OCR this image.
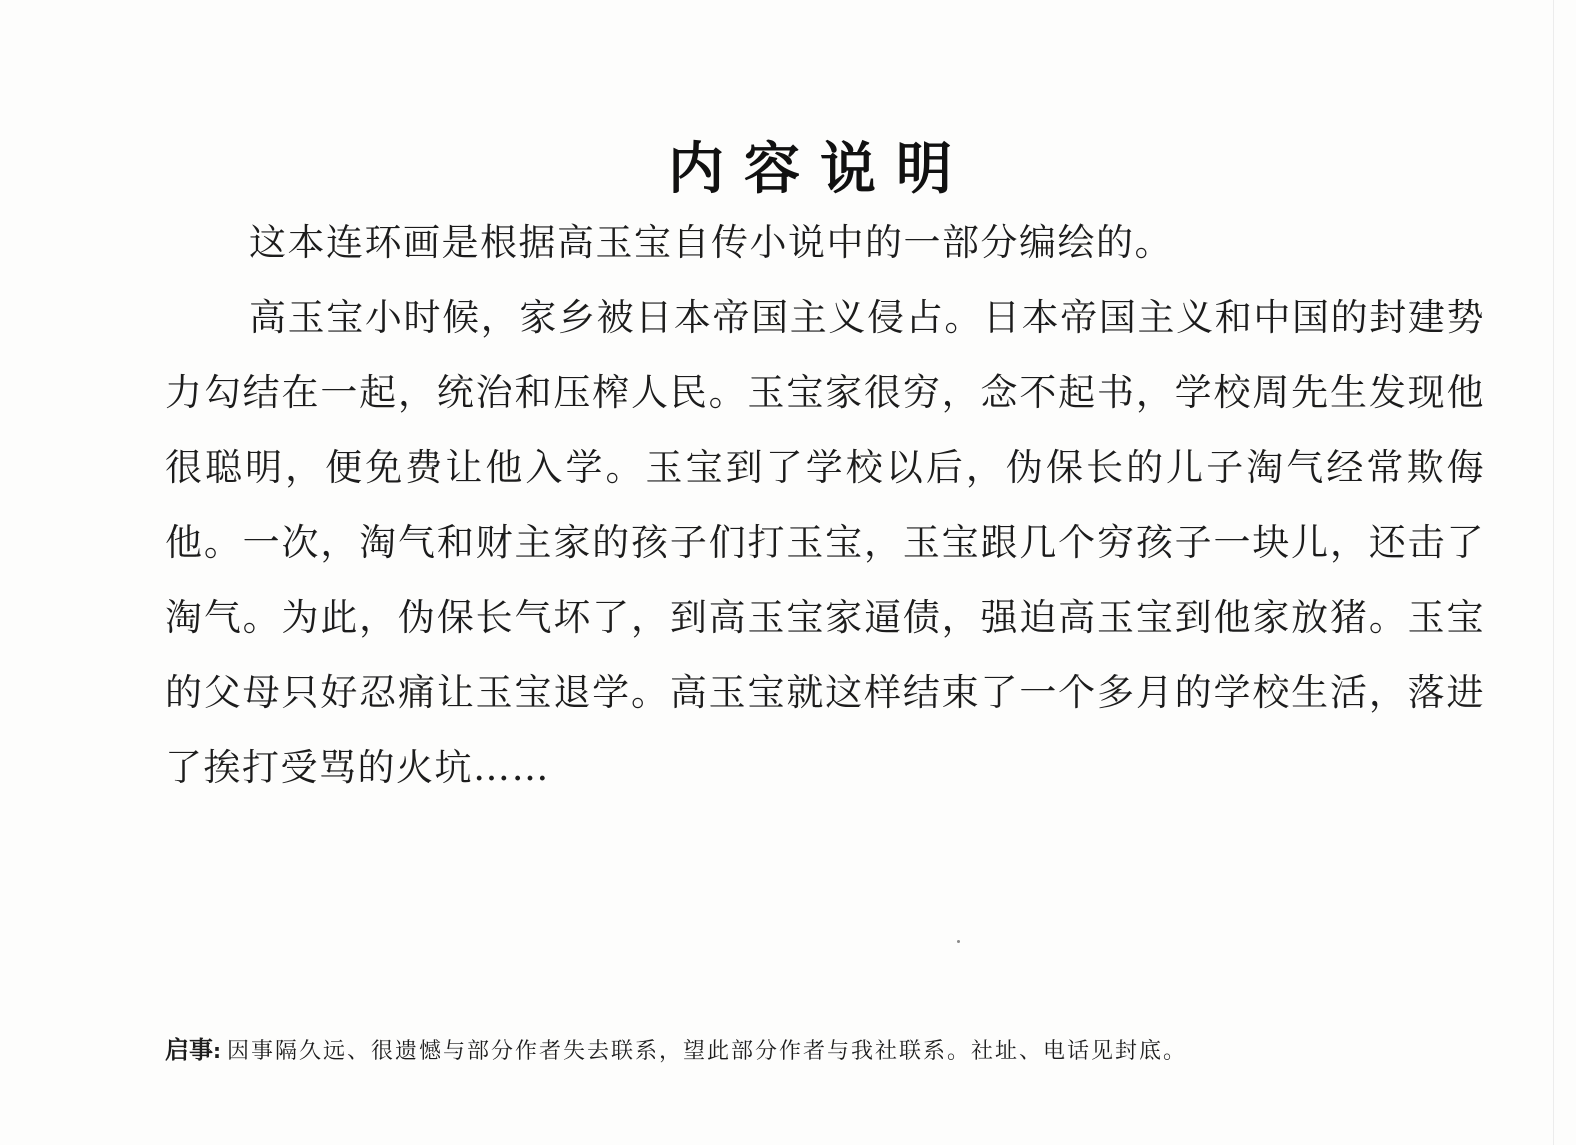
内容说明

这本连环画是根据高玉宝自传小说中的一部分编绘的。

高玉宝小时候，家乡被日本帝国主义侵占。日本帝国主义和中国的封建势力勾结在一起，统治和压榨人民。玉宝家很穷，念不起书，学校周先生发现他很聪明，便免费让他入学。玉宝到了学校以后，伪保长的儿子淘气经常欺侮他。一次，淘气和财主家的孩子们打玉宝，玉宝跟几个穷孩子一块儿，还击了淘气。为此，伪保长气坏了，到高玉宝家逼债，强迫高玉宝到他家放猪。玉宝的父母只好忍痛让玉宝退学。高玉宝就这样结束了一个多月的学校生活，落进了挨打受骂的火坑……

启事: 因事隔久远、很遗憾与部分作者失去联系，望此部分作者与我社联系。社址、电话见封底。
